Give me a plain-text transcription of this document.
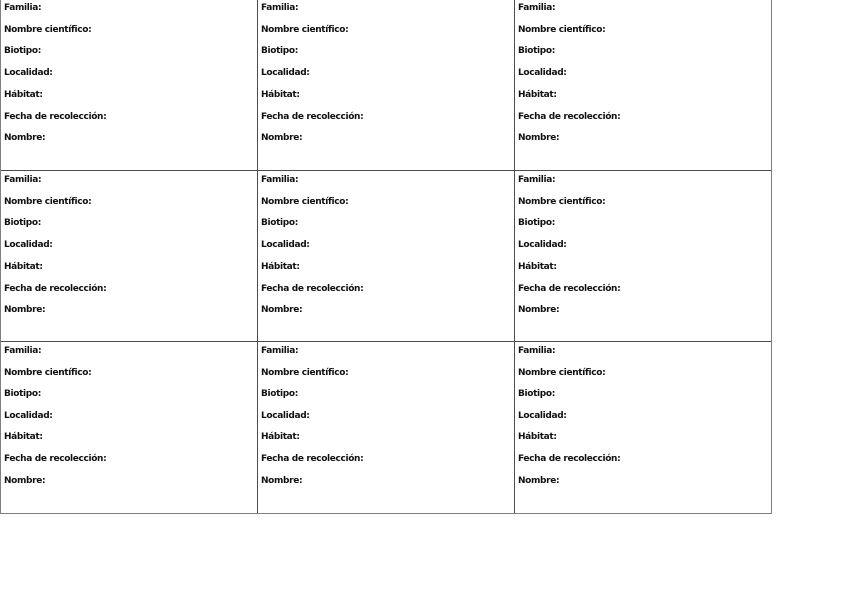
Familia:
Nombre científico:
Biotipo:
Localidad:
Hábitat:
Fecha de recolección:
Nombre:
Familia:
Nombre científico:
Biotipo:
Localidad:
Hábitat:
Fecha de recolección:
Nombre:
Familia:
Nombre científico:
Biotipo:
Localidad:
Hábitat:
Fecha de recolección:
Nombre:
Familia:
Nombre científico:
Biotipo:
Localidad:
Hábitat:
Fecha de recolección:
Nombre:
Familia:
Nombre científico:
Biotipo:
Localidad:
Hábitat:
Fecha de recolección:
Nombre:
Familia:
Nombre científico:
Biotipo:
Localidad:
Hábitat:
Fecha de recolección:
Nombre:
Familia:
Nombre científico:
Biotipo:
Localidad:
Hábitat:
Fecha de recolección:
Nombre:
Familia:
Nombre científico:
Biotipo:
Localidad:
Hábitat:
Fecha de recolección:
Nombre:
Familia:
Nombre científico:
Biotipo:
Localidad:
Hábitat:
Fecha de recolección:
Nombre:
